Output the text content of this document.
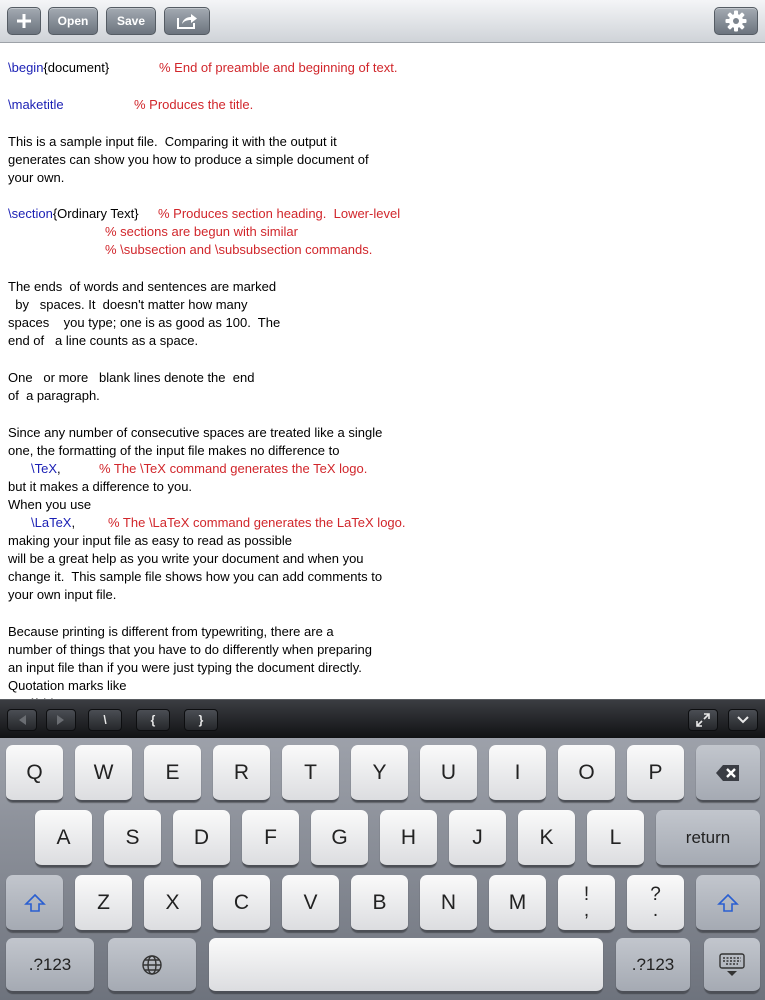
Open	Save
\begin{document}	% End of preamble and beginning of text.
\maketitle	% Produces the title.
This is a sample input file.  Comparing it with the output it
generates can show you how to produce a simple document of
your own.
\section{Ordinary Text} % Produces section heading.  Lower-level
% sections are begun with similar
% \subsection and \subsubsection commands.
The ends  of words and sentences are marked
by   spaces. It  doesn't matter how many
spaces    you type; one is as good as 100.  The
end of   a line counts as a space.
One   or more   blank lines denote the  end
of  a paragraph.
Since any number of consecutive spaces are treated like a single
one, the formatting of the input file makes no difference to
\TeX,	% The \TeX command generates the TeX logo.
but it makes a difference to you.
When you use
\LaTeX,	% The \LaTeX command generates the LaTeX logo.
making your input file as easy to read as possible
will be a great help as you write your document and when you
change it.  This sample file shows how you can add comments to
your own input file.
Because printing is different from typewriting, there are a
number of things that you have to do differently when preparing
an input file than if you were just typing the document directly.
Quotation marks like
\	{	}
Q	W	E	R	T	Y	U	I	O	P
A	S	D	F	G	H	J	K	L	return
Z	X	C	V	B	N	M	!
,
?
.
.?123	.?123
